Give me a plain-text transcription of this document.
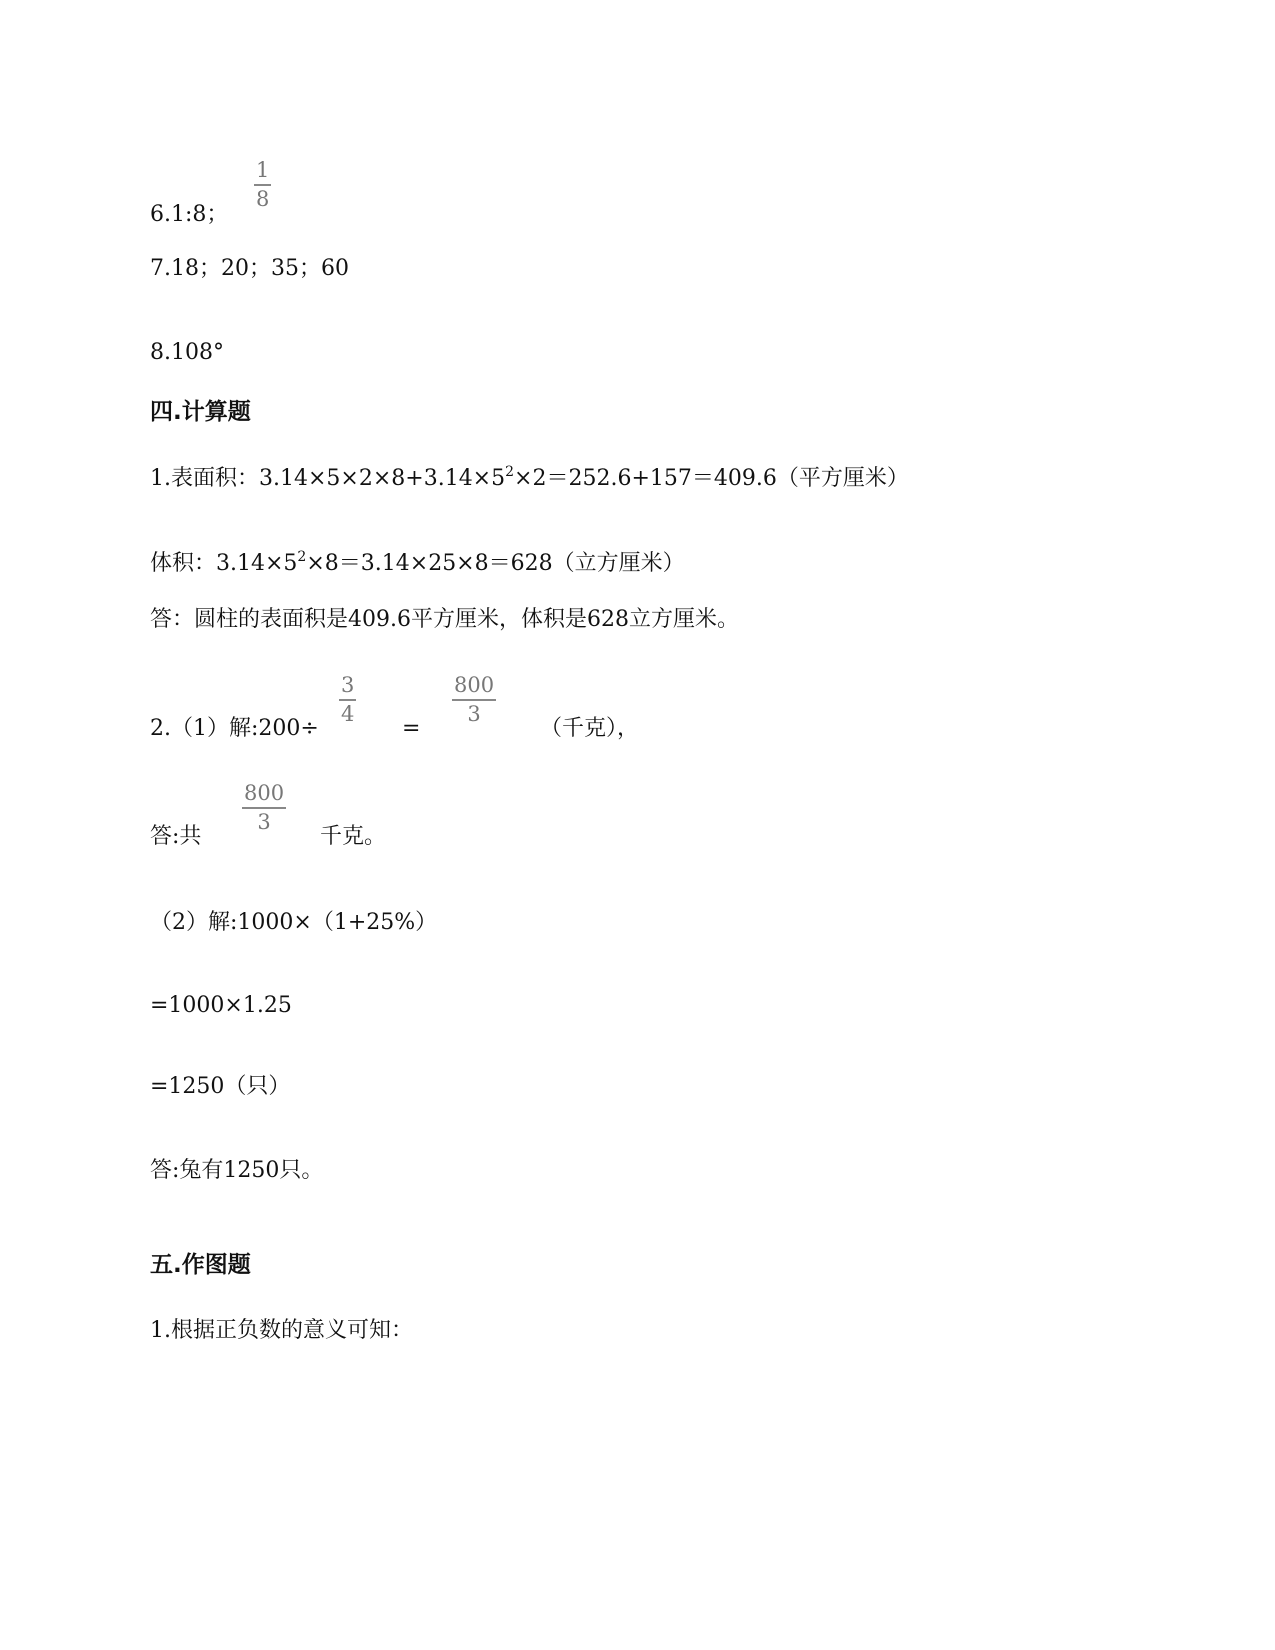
6.1:8；
1
8
7.18；20；35；60
8.108°
四.计算题
1.表面积：$3.14\times 5\times 2\times 8+3.14\times 5^2\times 2=252.6+157=409.6$（平方厘米）
体积：$3.14\times 5^2\times 8=3.14\times 25\times 8=628$（立方厘米）
答：圆柱的表面积是409.6平方厘米，体积是628立方厘米。
2.（1）解:200÷
3
4
=
800
3
（千克），
答:共
800
3
千克。
（2）解:1000×（1+25%）
=1000×1.25
=1250（只）
答:兔有1250只。
五.作图题
1.根据正负数的意义可知：
